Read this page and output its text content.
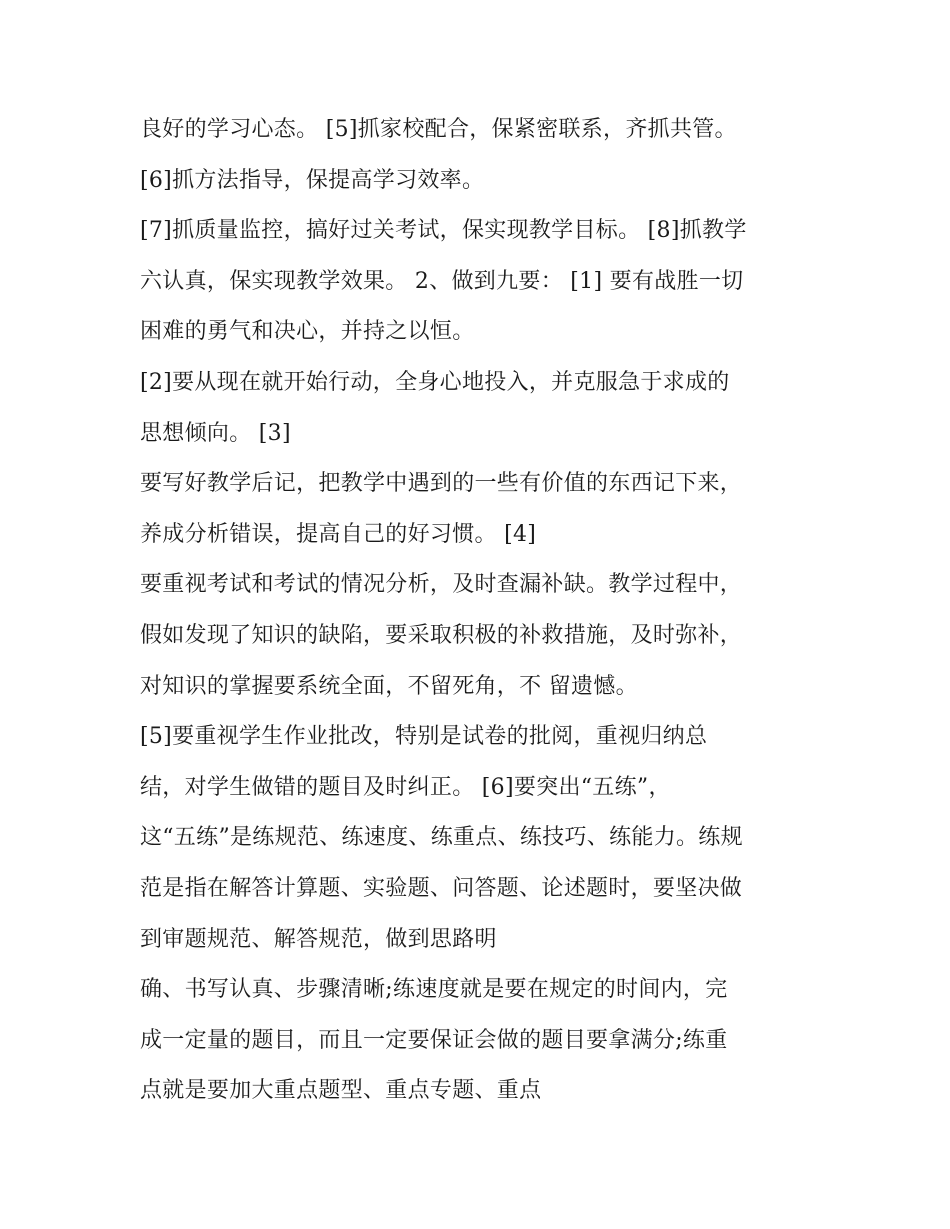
良好的学习心态。 [5]抓家校配合，保紧密联系，齐抓共管。
[6]抓方法指导，保提高学习效率。
[7]抓质量监控，搞好过关考试，保实现教学目标。 [8]抓教学
六认真，保实现教学效果。 2、做到九要： [1] 要有战胜一切
困难的勇气和决心，并持之以恒。
[2]要从现在就开始行动，全身心地投入，并克服急于求成的
思想倾向。 [3]
要写好教学后记，把教学中遇到的一些有价值的东西记下来，
养成分析错误，提高自己的好习惯。 [4]
要重视考试和考试的情况分析，及时查漏补缺。教学过程中，
假如发现了知识的缺陷，要采取积极的补救措施，及时弥补，
对知识的掌握要系统全面，不留死角，不 留遗憾。
[5]要重视学生作业批改，特别是试卷的批阅，重视归纳总
结，对学生做错的题目及时纠正。 [6]要突出“五练”，
这“五练”是练规范、练速度、练重点、练技巧、练能力。练规
范是指在解答计算题、实验题、问答题、论述题时，要坚决做
到审题规范、解答规范，做到思路明
确、书写认真、步骤清晰;练速度就是要在规定的时间内，完
成一定量的题目，而且一定要保证会做的题目要拿满分;练重
点就是要加大重点题型、重点专题、重点
